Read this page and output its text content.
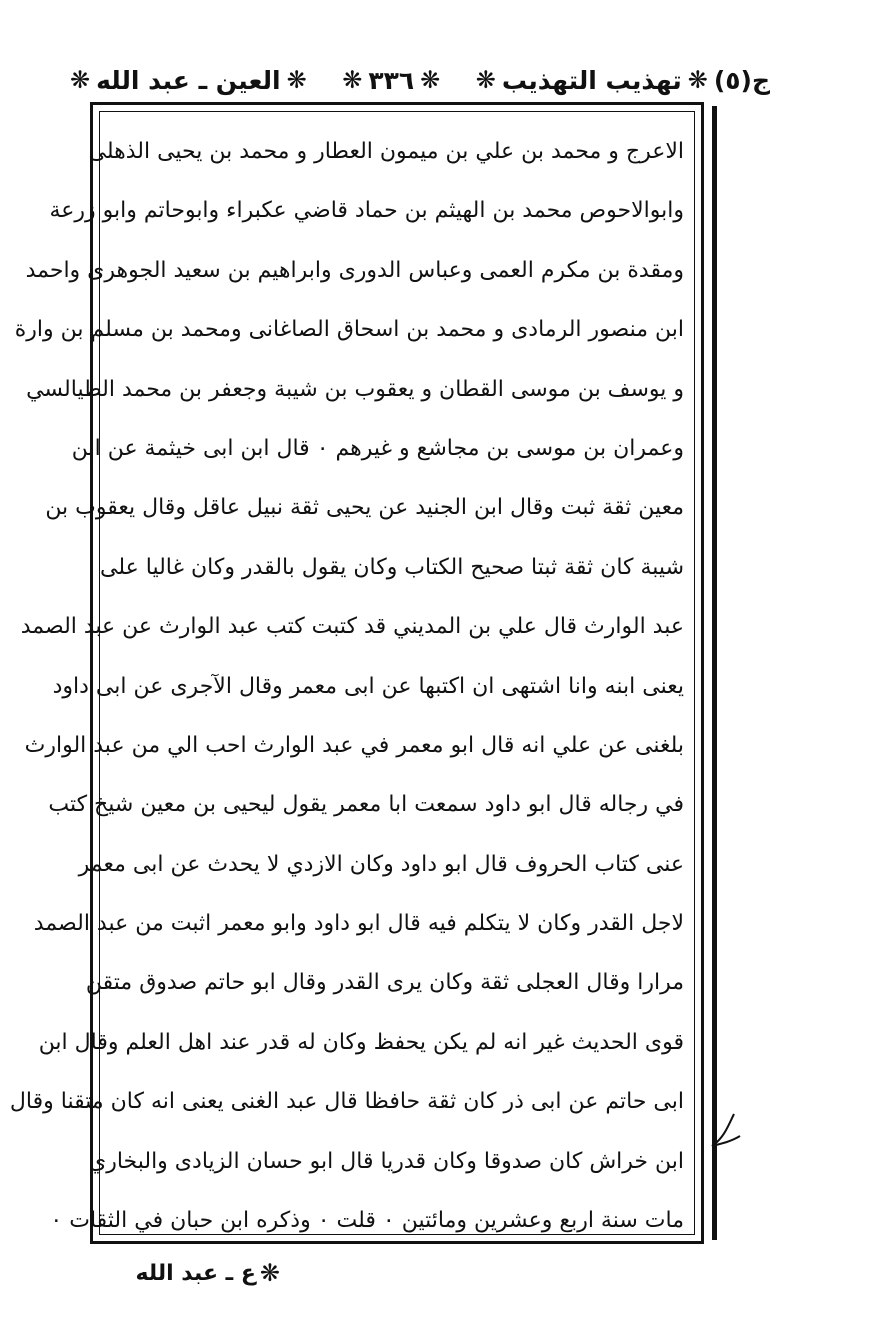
ج(٥)
❋
تهذيب التهذيب
❋
❋
٣٣٦
❋
❋
العين ـ عبد الله
❋
الاعرج و محمد بن علي بن ميمون العطار و محمد بن يحيى الذهلى
وابوالاحوص محمد بن الهيثم بن حماد قاضي عكبراء وابوحاتم وابو زرعة
ومقدة بن مكرم العمى وعباس الدورى وابراهيم بن سعيد الجوهرى واحمد
ابن منصور الرمادى و محمد بن اسحاق الصاغانى ومحمد بن مسلم بن وارة
و يوسف بن موسى القطان و يعقوب بن شيبة وجعفر بن محمد الطيالسي
وعمران بن موسى بن مجاشع و غيرهم ٠ قال ابن ابى خيثمة عن ابن
معين ثقة ثبت وقال ابن الجنيد عن يحيى ثقة نبيل عاقل وقال يعقوب بن
شيبة كان ثقة ثبتا صحيح الكتاب وكان يقول بالقدر وكان غاليا على
عبد الوارث قال علي بن المديني قد كتبت كتب عبد الوارث عن عبد الصمد
يعنى ابنه وانا اشتهى ان اكتبها عن ابى معمر وقال الآجرى عن ابى داود
بلغنى عن علي انه قال ابو معمر في عبد الوارث احب الي من عبد الوارث
في رجاله قال ابو داود سمعت ابا معمر يقول ليحيى بن معين شيخ كتب
عنى كتاب الحروف قال ابو داود وكان الازدي لا يحدث عن ابى معمر
لاجل القدر وكان لا يتكلم فيه قال ابو داود وابو معمر اثبت من عبد الصمد
مرارا وقال العجلى ثقة وكان يرى القدر وقال ابو حاتم صدوق متقن
قوى الحديث غير انه لم يكن يحفظ وكان له قدر عند اهل العلم وقال ابن
ابى حاتم عن ابى ذر كان ثقة حافظا قال عبد الغنى يعنى انه كان متقنا وقال
ابن خراش كان صدوقا وكان قدريا قال ابو حسان الزيادى والبخاري
مات سنة اربع وعشرين ومائتين ٠ قلت ٠ وذكره ابن حبان في الثقات ٠
❋
ع ـ عبد الله
